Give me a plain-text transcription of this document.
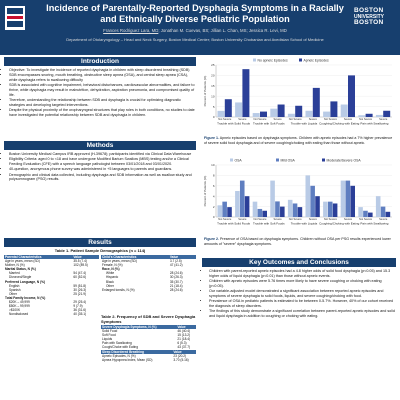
Incidence of Parentally-Reported Dysphagia Symptoms in a Racially and Ethnically Diverse Pediatric Population
Frances Rodriguez Lara, MD; Jonathan M. Cuevas, BS; Jillian L. Chan, MS; Jessica R. Levi, MD
Department of Otolaryngology – Head and Neck Surgery, Boston Medical Center; Boston University Chobanian and Avedisian School of Medicine
BOSTON
UNIVERSITY
BOSTON
Introduction
• Objective: To investigate the incidence of reported dysphagia in children with sleep disordered breathing (SDB)
• SDB encompasses snoring, mouth breathing, obstructive sleep apnea (OSA), and central sleep apnea (CSA), while dysphagia refers to swallowing difficulty
• SDB is associated with cognitive impairment, behavioral disturbances, cardiovascular abnormalities, and failure to thrive, while dysphagia may result in malnutrition, dehydration, aspiration pneumonia, and compromised quality of life.
• Therefore, understanding the relationship between SDB and dysphagia is crucial for optimizing diagnostic strategies and developing targeted interventions.
• Despite the physical proximity of the oropharyngeal structures that play roles in both conditions, no studies to date have investigated the potential relationship between SDB and dysphagia in children.
Methods
• Boston University Medical Campus IRB approved (H-39678); participants identified via Clinical Data Warehouse
• Eligibility Criteria: aged 0 to <18 and have undergone Modified Barium Swallow (MBS) testing and/or a Clinical Feeding Evaluation (CFE) with a speech language pathologist between 03/01/2018 and 03/01/2020.
• 40-question, anonymous phone survey was administered in +5 languages to parents and guardians.
• Demographic and clinical data collected, including dysphagia and SDB information as well as swallow study and polysomnogram (PSG) results.
Results
Table 1. Patient Sample Demographics (n = 114)
Parental Characteristics	Value
Age in years, mean (SD)	35.5 (7.4)
Mother, N (%)	102 (89.5)
Marital Status, N (%)	
Married	54 (47.4)
Divorced/Single	60 (52.6)
Preferred Language, N (%)	
English	59 (51.8)
Spanish	30 (26.3)
Other	25 (21.9)
Total Family Income, N (%)	
$20K – 49,999	29 (25.4)
$50K – 99,999	9 (7.9)
>$100K	36 (31.6)
Nondisclosed	40 (35.1)
Child's Characteristics	Value
Age in years, mean (SD)	3.7 (2.5)
Female, N (%)	47 (41.2)
Race, N (%)	
White	28 (24.6)
Hispanic	30 (26.3)
Black	35 (30.7)
Other	21 (18.4)
Enlarged tonsils, N (%)	28 (24.6)
Table 2. Frequency of SDB and Severe Dysphagia Symptoms
Severe Dysphagia Symptoms, N (%)	Value
Solid Food	46 (40.4)
Soft Food	15 (13.2)
Liquids	21 (18.4)
Pain with Swallowing	6 (5.3)
Cough/Choke with Eating	43 (37.7)
Sleep Disordered Breathing	Value
Apneic Episodes, N (%)	23 (20.2)
Apnea Hypopnea Index, Mean (SD)	3.70 (5.16)
No apneic Episodes	Apneic Episodes
0
5
10
15
20
25
Percent of Patients (%)
Not Severe	Severe
Trouble with Solid Foods
Not Severe	Severe
Trouble with Soft Foods
Not Severe	Severe
Trouble with Liquids
Not Severe	Severe
Coughing/Choking with Eating
Not Severe	Severe
Pain with Swallowing
Figure 1. Apneic episodes based on dysphagia symptoms. Children with apneic episodes had a 7% higher prevalence of severe solid food dysphagia and of severe coughing/choking with eating than those without apneic.
OSA	Mild OSA	Moderate/Severe OSA
0
2
4
6
8
10
Percent of Patients (%)
Not Severe	Severe
Trouble with Solid Foods
Not Severe	Severe
Trouble with Soft Foods
Not Severe	Severe
Trouble with Liquids
Not Severe	Severe
Coughing/Choking with Eating
Not Severe	Severe
Pain with Swallowing
Figure 2. Presence of OSA based on dysphagia symptoms. Children without OSA per PSG results experienced lower amounts of "severe" dysphagia symptoms.
Key Outcomes and Conclusions
• Children with parent-reported apneic episodes had a 4.8 higher odds of solid food dysphagia (p<0.05) and 15.3 higher odds of liquid dysphagia (p<0.01) than those without apneic events.
• Children with apneic episodes were 5.76 times more likely to have severe coughing or choking with eating (p<0.05).
• Our variable-adjusted model demonstrated a significant association between reported apneic episodes and symptoms of severe dysphagia to solid foods, liquids, and severe coughing/choking with food.
• Prevalence of OSA in pediatric patients is estimated to be between 0-5.7%. However, 40% of our cohort received the diagnosis of sleep disorders.
• The findings of this study demonstrate a significant correlation between parent-reported apneic episodes and solid and liquid dysphagia in addition to coughing or choking with eating.
